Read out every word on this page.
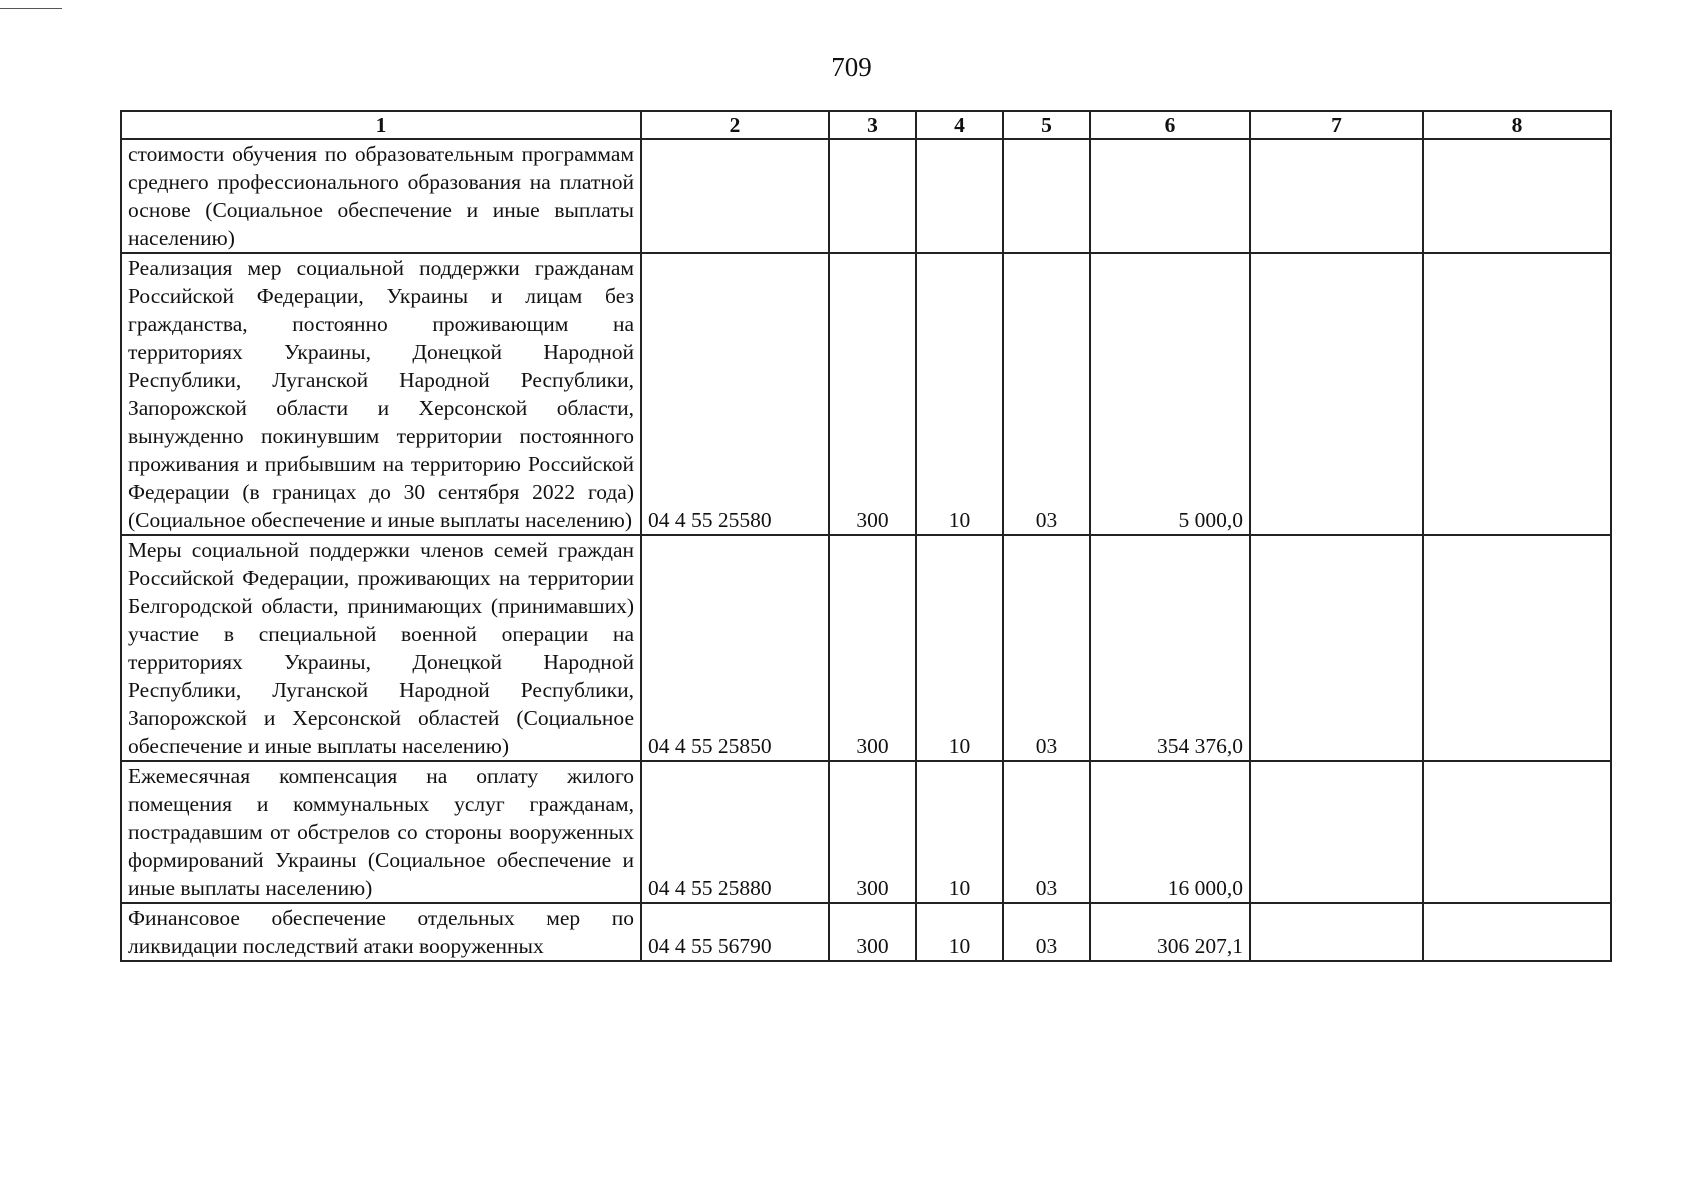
709
1	2	3	4	5	6	7	8
стоимости обучения по образовательным программам среднего профессионального образования на платной основе (Социальное обеспечение и иные выплаты населению)							
Реализация мер социальной поддержки гражданам Российской Федерации, Украины и лицам без гражданства, постоянно проживающим на территориях Украины, Донецкой Народной Республики, Луганской Народной Республики, Запорожской области и Херсонской области, вынужденно покинувшим территории постоянного проживания и прибывшим на территорию Российской Федерации (в границах до 30 сентября 2022 года) (Социальное обеспечение и иные выплаты населению)	04 4 55 25580	300	10	03	5 000,0		
Меры социальной поддержки членов семей граждан Российской Федерации, проживающих на территории Белгородской области, принимающих (принимавших) участие в специальной военной операции на территориях Украины, Донецкой Народной Республики, Луганской Народной Республики, Запорожской и Херсонской областей (Социальное обеспечение и иные выплаты населению)	04 4 55 25850	300	10	03	354 376,0		
Ежемесячная компенсация на оплату жилого помещения и коммунальных услуг гражданам, пострадавшим от обстрелов со стороны вооруженных формирований Украины (Социальное обеспечение и иные выплаты населению)	04 4 55 25880	300	10	03	16 000,0		
Финансовое обеспечение отдельных мер по ликвидации последствий атаки вооруженных	04 4 55 56790	300	10	03	306 207,1		
